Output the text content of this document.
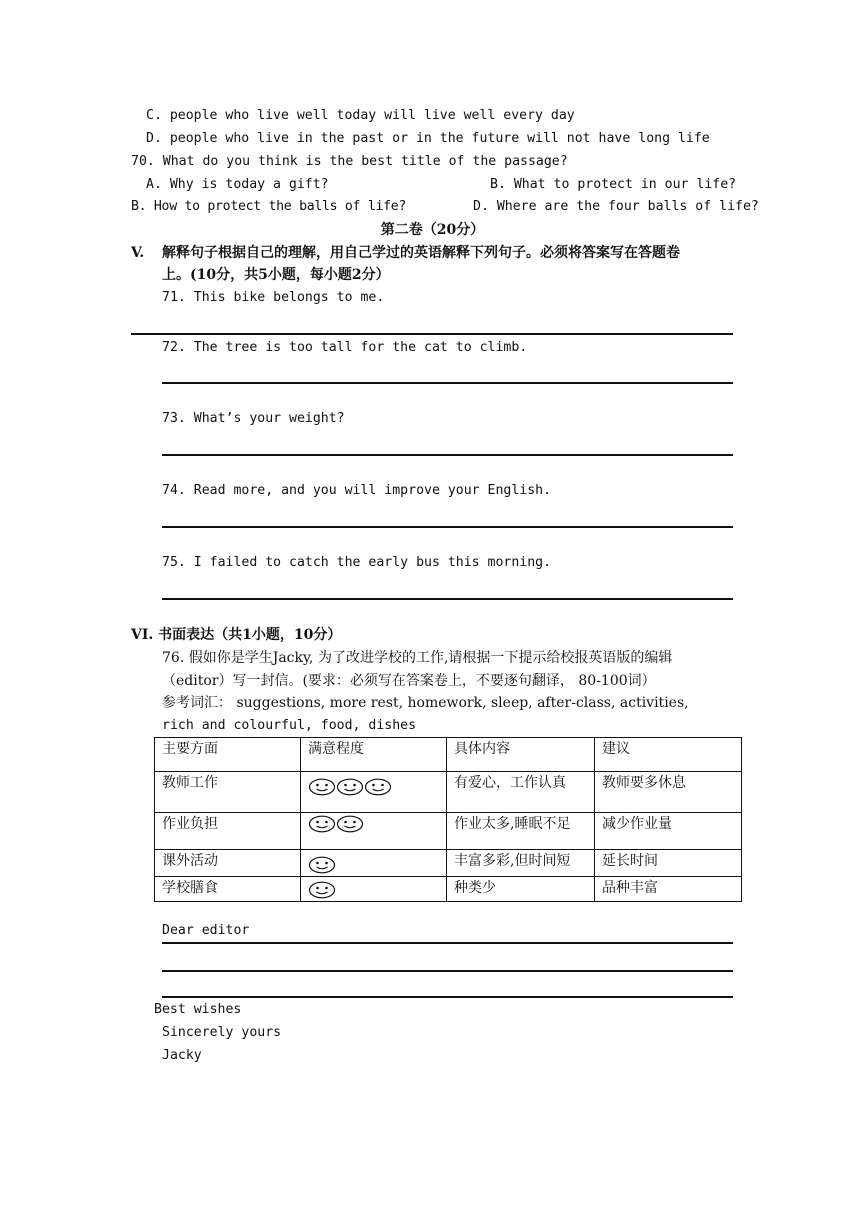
C. people who live well today will live well every day
D. people who live in the past or in the future will not have long life
70. What do you think is the best title of the passage?
A. Why is today a gift?	B. What to protect in our life?
B. How to protect the balls of life?	D. Where are the four balls of life?
第二卷（20分）
V. 解释句子根据自己的理解，用自己学过的英语解释下列句子。必须将答案写在答题卷
上。(10分，共5小题，每小题2分）
71. This bike belongs to me.
72. The tree is too tall for the cat to climb.
73. What’s your weight?
74. Read more, and you will improve your English.
75. I failed to catch the early bus this morning.
VI. 书面表达（共1小题，10分）
76. 假如你是学生Jacky, 为了改进学校的工作,请根据一下提示给校报英语版的编辑
（editor）写一封信。(要求：必须写在答案卷上，不要逐句翻译， 80-100词）
参考词汇： suggestions, more rest, homework, sleep, after-class, activities,
rich and colourful, food, dishes
主要方面	满意程度	具体内容	建议
教师工作		有爱心，工作认真	教师要多休息
作业负担		作业太多,睡眠不足	减少作业量
课外活动		丰富多彩,但时间短	延长时间
学校膳食		种类少	品种丰富
Dear editor
Best wishes
Sincerely yours
Jacky
